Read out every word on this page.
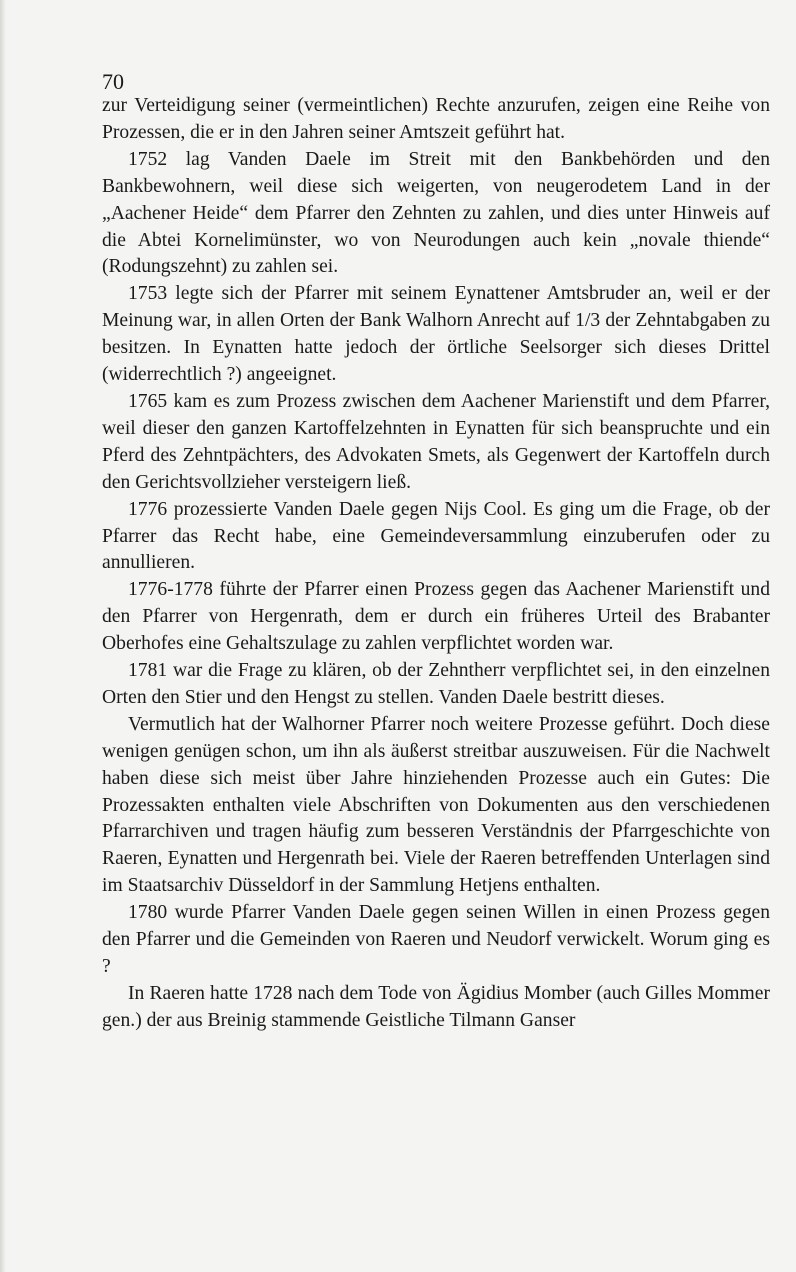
70

zur Verteidigung seiner (vermeintlichen) Rechte anzurufen, zeigen eine Reihe von Prozessen, die er in den Jahren seiner Amtszeit geführt hat.

1752 lag Vanden Daele im Streit mit den Bankbehörden und den Bankbewohnern, weil diese sich weigerten, von neugerodetem Land in der „Aachener Heide“ dem Pfarrer den Zehnten zu zahlen, und dies unter Hinweis auf die Abtei Kornelimünster, wo von Neurodungen auch kein „novale thiende“ (Rodungszehnt) zu zahlen sei.

1753 legte sich der Pfarrer mit seinem Eynattener Amtsbruder an, weil er der Meinung war, in allen Orten der Bank Walhorn Anrecht auf 1/3 der Zehntabgaben zu besitzen. In Eynatten hatte jedoch der örtliche Seelsorger sich dieses Drittel (widerrechtlich ?) angeeignet.

1765 kam es zum Prozess zwischen dem Aachener Marienstift und dem Pfarrer, weil dieser den ganzen Kartoffelzehnten in Eynatten für sich beanspruchte und ein Pferd des Zehntpächters, des Advokaten Smets, als Gegenwert der Kartoffeln durch den Gerichtsvollzieher versteigern ließ.

1776 prozessierte Vanden Daele gegen Nijs Cool. Es ging um die Frage, ob der Pfarrer das Recht habe, eine Gemeindeversammlung einzuberufen oder zu annullieren.

1776-1778 führte der Pfarrer einen Prozess gegen das Aachener Marienstift und den Pfarrer von Hergenrath, dem er durch ein früheres Urteil des Brabanter Oberhofes eine Gehaltszulage zu zahlen verpflichtet worden war.

1781 war die Frage zu klären, ob der Zehntherr verpflichtet sei, in den einzelnen Orten den Stier und den Hengst zu stellen. Vanden Daele bestritt dieses.

Vermutlich hat der Walhorner Pfarrer noch weitere Prozesse geführt. Doch diese wenigen genügen schon, um ihn als äußerst streitbar auszuweisen. Für die Nachwelt haben diese sich meist über Jahre hinziehenden Prozesse auch ein Gutes: Die Prozessakten enthalten viele Abschriften von Dokumenten aus den verschiedenen Pfarrarchiven und tragen häufig zum besseren Verständnis der Pfarrgeschichte von Raeren, Eynatten und Hergenrath bei. Viele der Raeren betreffenden Unterlagen sind im Staatsarchiv Düsseldorf in der Sammlung Hetjens enthalten.

1780 wurde Pfarrer Vanden Daele gegen seinen Willen in einen Prozess gegen den Pfarrer und die Gemeinden von Raeren und Neudorf verwickelt. Worum ging es ?

In Raeren hatte 1728 nach dem Tode von Ägidius Momber (auch Gilles Mommer gen.) der aus Breinig stammende Geistliche Tilmann Ganser
